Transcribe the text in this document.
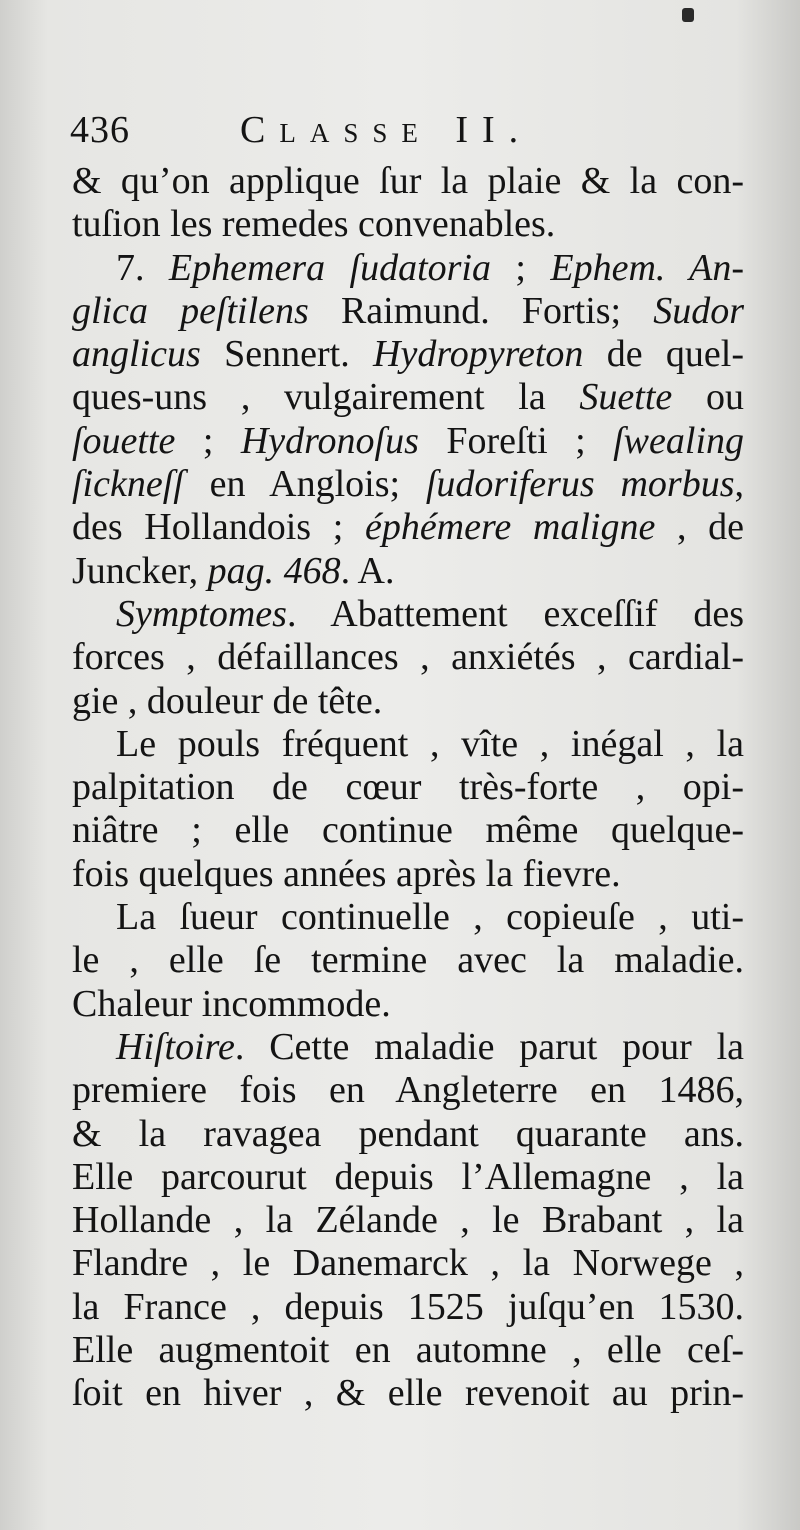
436	Classe II.
& qu’on applique ſur la plaie & la con-
tuſion les remedes convenables.
7. Ephemera ſudatoria ; Ephem. An-
glica peſtilens Raimund. Fortis; Sudor
anglicus Sennert. Hydropyreton de quel-
ques-uns , vulgairement la Suette ou
ſouette ; Hydronoſus Foreſti ; ſwealing
ſickneſſ en Anglois; ſudoriferus morbus,
des Hollandois ; éphémere maligne , de
Juncker, pag. 468. A.
Symptomes. Abattement exceſſif des
forces , défaillances , anxiétés , cardial-
gie , douleur de tête.
Le pouls fréquent , vîte , inégal , la
palpitation de cœur très-forte , opi-
niâtre ; elle continue même quelque-
fois quelques années après la fievre.
La ſueur continuelle , copieuſe , uti-
le , elle ſe termine avec la maladie.
Chaleur incommode.
Hiſtoire. Cette maladie parut pour la
premiere fois en Angleterre en 1486,
& la ravagea pendant quarante ans.
Elle parcourut depuis l’Allemagne , la
Hollande , la Zélande , le Brabant , la
Flandre , le Danemarck , la Norwege ,
la France , depuis 1525 juſqu’en 1530.
Elle augmentoit en automne , elle ceſ-
ſoit en hiver , & elle revenoit au prin-
